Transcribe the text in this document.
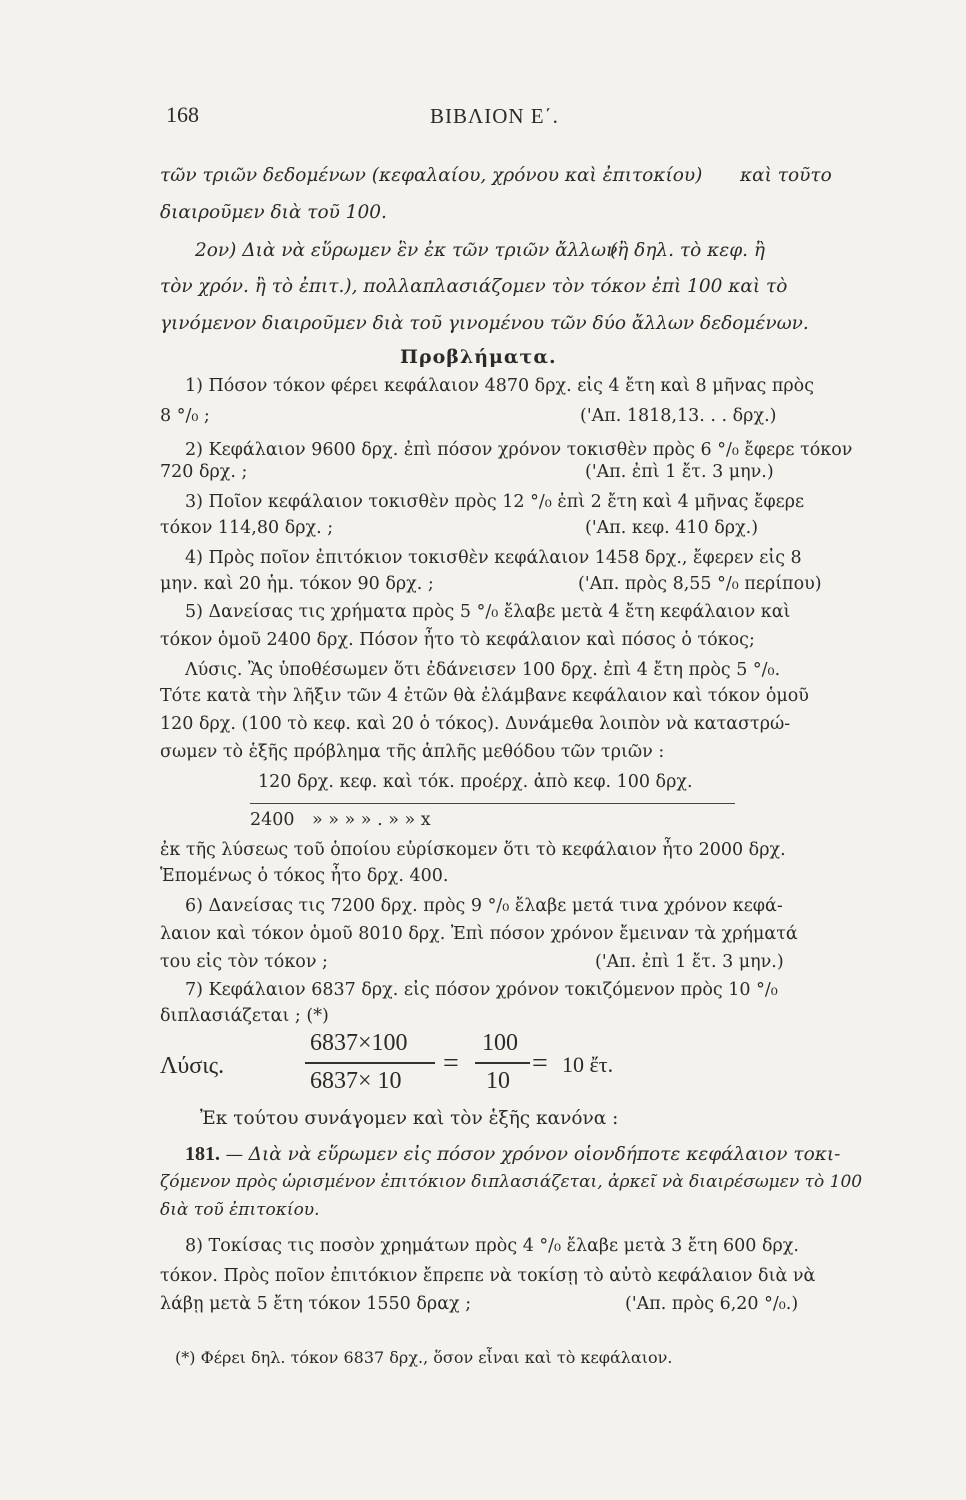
168	ΒΙΒΛΙΟΝ Ε΄.
τῶν τριῶν δεδομένων (κεφαλαίου, χρόνου καὶ ἐπιτοκίου) καὶ τοῦτο
διαιροῦμεν διὰ τοῦ 100.
2ον) Διὰ νὰ εὕρωμεν ἓν ἐκ τῶν τριῶν ἄλλων
(ἢ δηλ. τὸ κεφ. ἢ
τὸν χρόν. ἢ τὸ ἐπιτ.), πολλαπλασιάζομεν τὸν τόκον ἐπὶ 100 καὶ τὸ
γινόμενον διαιροῦμεν διὰ τοῦ γινομένου τῶν δύο ἄλλων δεδομένων.
Προβλήματα.
1) Πόσον τόκον φέρει κεφάλαιον 4870 δρχ. εἰς 4 ἔτη καὶ 8 μῆνας πρὸς
8 °/₀ ;	('Απ. 1818,13. . . δρχ.)
2) Κεφάλαιον 9600 δρχ. ἐπὶ πόσον χρόνον τοκισθὲν πρὸς 6 °/₀ ἔφερε τόκον
720 δρχ. ;	('Απ. ἐπὶ 1 ἔτ. 3 μην.)
3) Ποῖον κεφάλαιον τοκισθὲν πρὸς 12 °/₀ ἐπὶ 2 ἔτη καὶ 4 μῆνας ἔφερε
τόκον 114,80 δρχ. ;	('Απ. κεφ. 410 δρχ.)
4) Πρὸς ποῖον ἐπιτόκιον τοκισθὲν κεφάλαιον 1458 δρχ., ἔφερεν εἰς 8
μην. καὶ 20 ἡμ. τόκον 90 δρχ. ;	('Απ. πρὸς 8,55 °/₀ περίπου)
5) Δανείσας τις χρήματα πρὸς 5 °/₀ ἔλαβε μετὰ 4 ἔτη κεφάλαιον καὶ
τόκον ὁμοῦ 2400 δρχ. Πόσον ἦτο τὸ κεφάλαιον καὶ πόσος ὁ τόκος;
Λύσις. Ἂς ὑποθέσωμεν ὅτι ἐδάνεισεν 100 δρχ. ἐπὶ 4 ἔτη πρὸς 5 °/₀.
Τότε κατὰ τὴν λῆξιν τῶν 4 ἐτῶν θὰ ἐλάμβανε κεφάλαιον καὶ τόκον ὁμοῦ
120 δρχ. (100 τὸ κεφ. καὶ 20 ὁ τόκος). Δυνάμεθα λοιπὸν νὰ καταστρώ-
σωμεν τὸ ἑξῆς πρόβλημα τῆς ἁπλῆς μεθόδου τῶν τριῶν :
120 δρχ. κεφ. καὶ τόκ. προέρχ. ἀπὸ κεφ. 100 δρχ.
2400 » » » » . » » x
ἐκ τῆς λύσεως τοῦ ὁποίου εὑρίσκομεν ὅτι τὸ κεφάλαιον ἦτο 2000 δρχ.
Ἑπομένως ὁ τόκος ἦτο δρχ. 400.
6) Δανείσας τις 7200 δρχ. πρὸς 9 °/₀ ἔλαβε μετά τινα χρόνον κεφά-
λαιον καὶ τόκον ὁμοῦ 8010 δρχ. Ἐπὶ πόσον χρόνον ἔμειναν τὰ χρήματά
του εἰς τὸν τόκον ;	('Απ. ἐπὶ 1 ἔτ. 3 μην.)
7) Κεφάλαιον 6837 δρχ. εἰς πόσον χρόνον τοκιζόμενον πρὸς 10 °/₀
διπλασιάζεται ; (*)
Λύσις.
6837×100
6837× 10
=
100
10
= 10 ἔτ.
Ἐκ τούτου συνάγομεν καὶ τὸν ἑξῆς κανόνα :
181. — Διὰ νὰ εὕρωμεν εἰς πόσον χρόνον οἱονδήποτε κεφάλαιον τοκι-
ζόμενον πρὸς ὡρισμένον ἐπιτόκιον διπλασιάζεται, ἀρκεῖ νὰ διαιρέσωμεν τὸ 100
διὰ τοῦ ἐπιτοκίου.
8) Τοκίσας τις ποσὸν χρημάτων πρὸς 4 °/₀ ἔλαβε μετὰ 3 ἔτη 600 δρχ.
τόκον. Πρὸς ποῖον ἐπιτόκιον ἔπρεπε νὰ τοκίσῃ τὸ αὐτὸ κεφάλαιον διὰ νὰ
λάβῃ μετὰ 5 ἔτη τόκον 1550 δραχ ;	('Απ. πρὸς 6,20 °/₀.)
(*) Φέρει δηλ. τόκον 6837 δρχ., ὅσον εἶναι καὶ τὸ κεφάλαιον.
